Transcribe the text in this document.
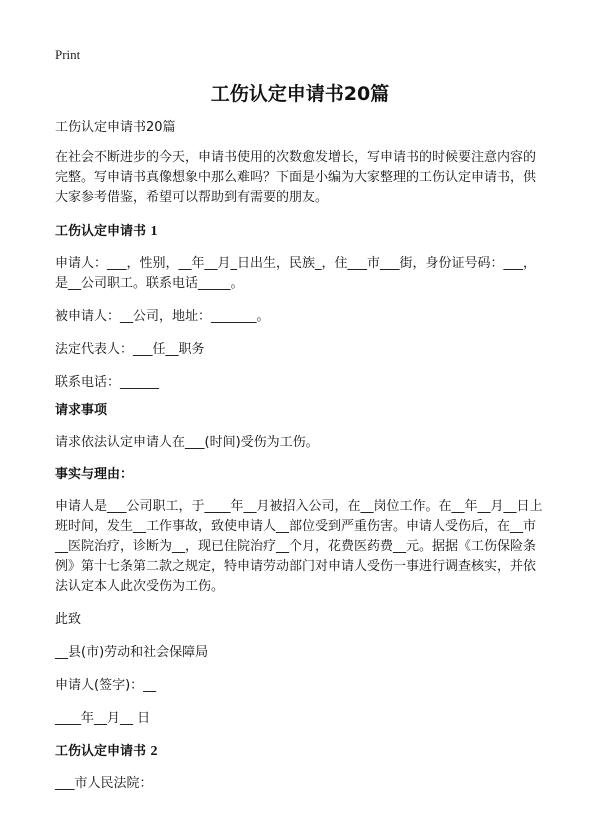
Print
工伤认定申请书20篇

工伤认定申请书20篇

在社会不断进步的今天，申请书使用的次数愈发增长，写申请书的时候要注意内容的完整。写申请书真像想象中那么难吗？下面是小编为大家整理的工伤认定申请书，供大家参考借鉴，希望可以帮助到有需要的朋友。

工伤认定申请书 1

申请人：___，性别，__年__月_日出生，民族_，住___市___街，身份证号码：___，是__公司职工。联系电话_____。

被申请人：__公司，地址：_______。

法定代表人：___任__职务

联系电话：______

请求事项

请求依法认定申请人在___(时间)受伤为工伤。

事实与理由：

申请人是___公司职工，于____年__月被招入公司，在__岗位工作。在__年__月__日上班时间，发生__工作事故，致使申请人__部位受到严重伤害。申请人受伤后，在__市__医院治疗，诊断为__，现已住院治疗__个月，花费医药费__元。据据《工伤保险条例》第十七条第二款之规定，特申请劳动部门对申请人受伤一事进行调查核实，并依法认定本人此次受伤为工伤。

此致

__县(市)劳动和社会保障局

申请人(签字)：__

____年__月__ 日

工伤认定申请书 2

___市人民法院：
